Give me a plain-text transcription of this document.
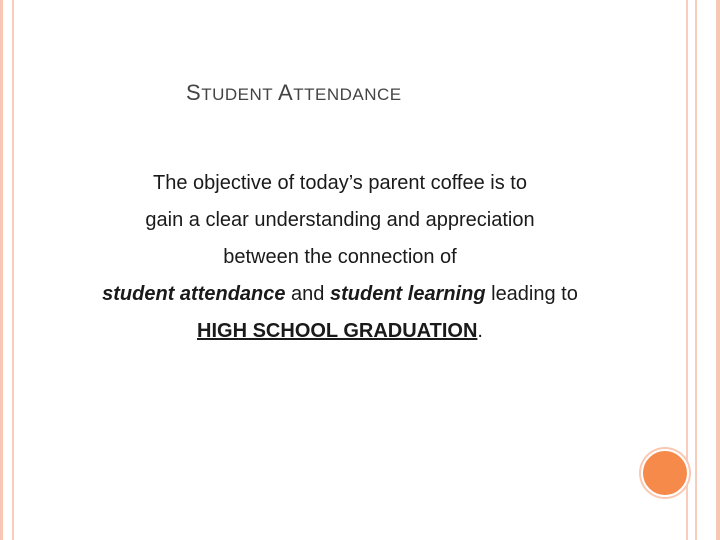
STUDENT ATTENDANCE
The objective of today’s parent coffee is to
gain a clear understanding and appreciation
between the connection of
student attendance and student learning leading to
HIGH SCHOOL GRADUATION.
